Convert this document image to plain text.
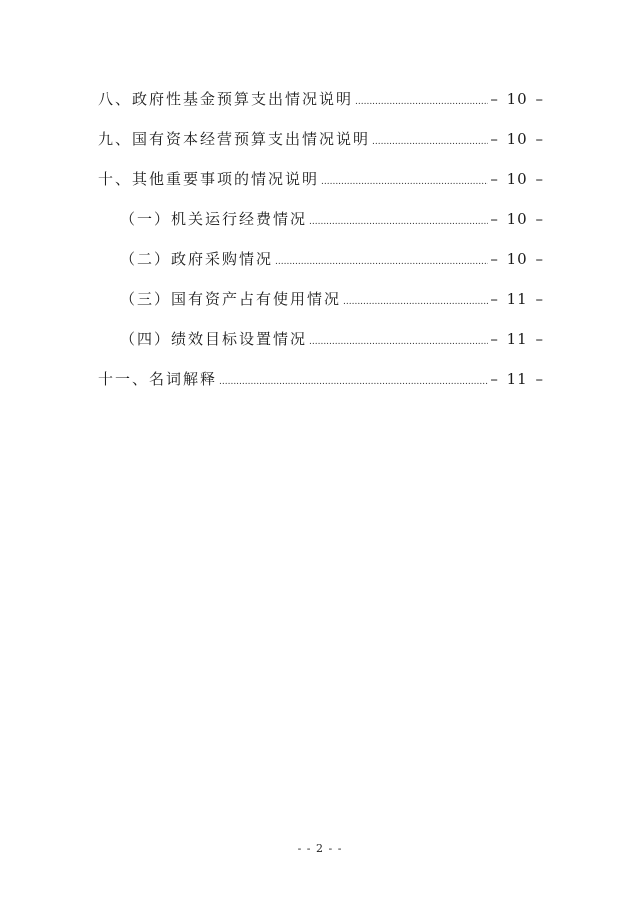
八、政府性基金预算支出情况说明 .....	– 10 –
九、国有资本经营预算支出情况说明 .....	– 10 –
十、其他重要事项的情况说明 .....	– 10 –
（一）机关运行经费情况 .....	– 10 –
（二）政府采购情况 .....	– 10 –
（三）国有资产占有使用情况 .....	– 11 –
（四）绩效目标设置情况 .....	– 11 –
十一、名词解释 .....	– 11 –
- - 2 - -
